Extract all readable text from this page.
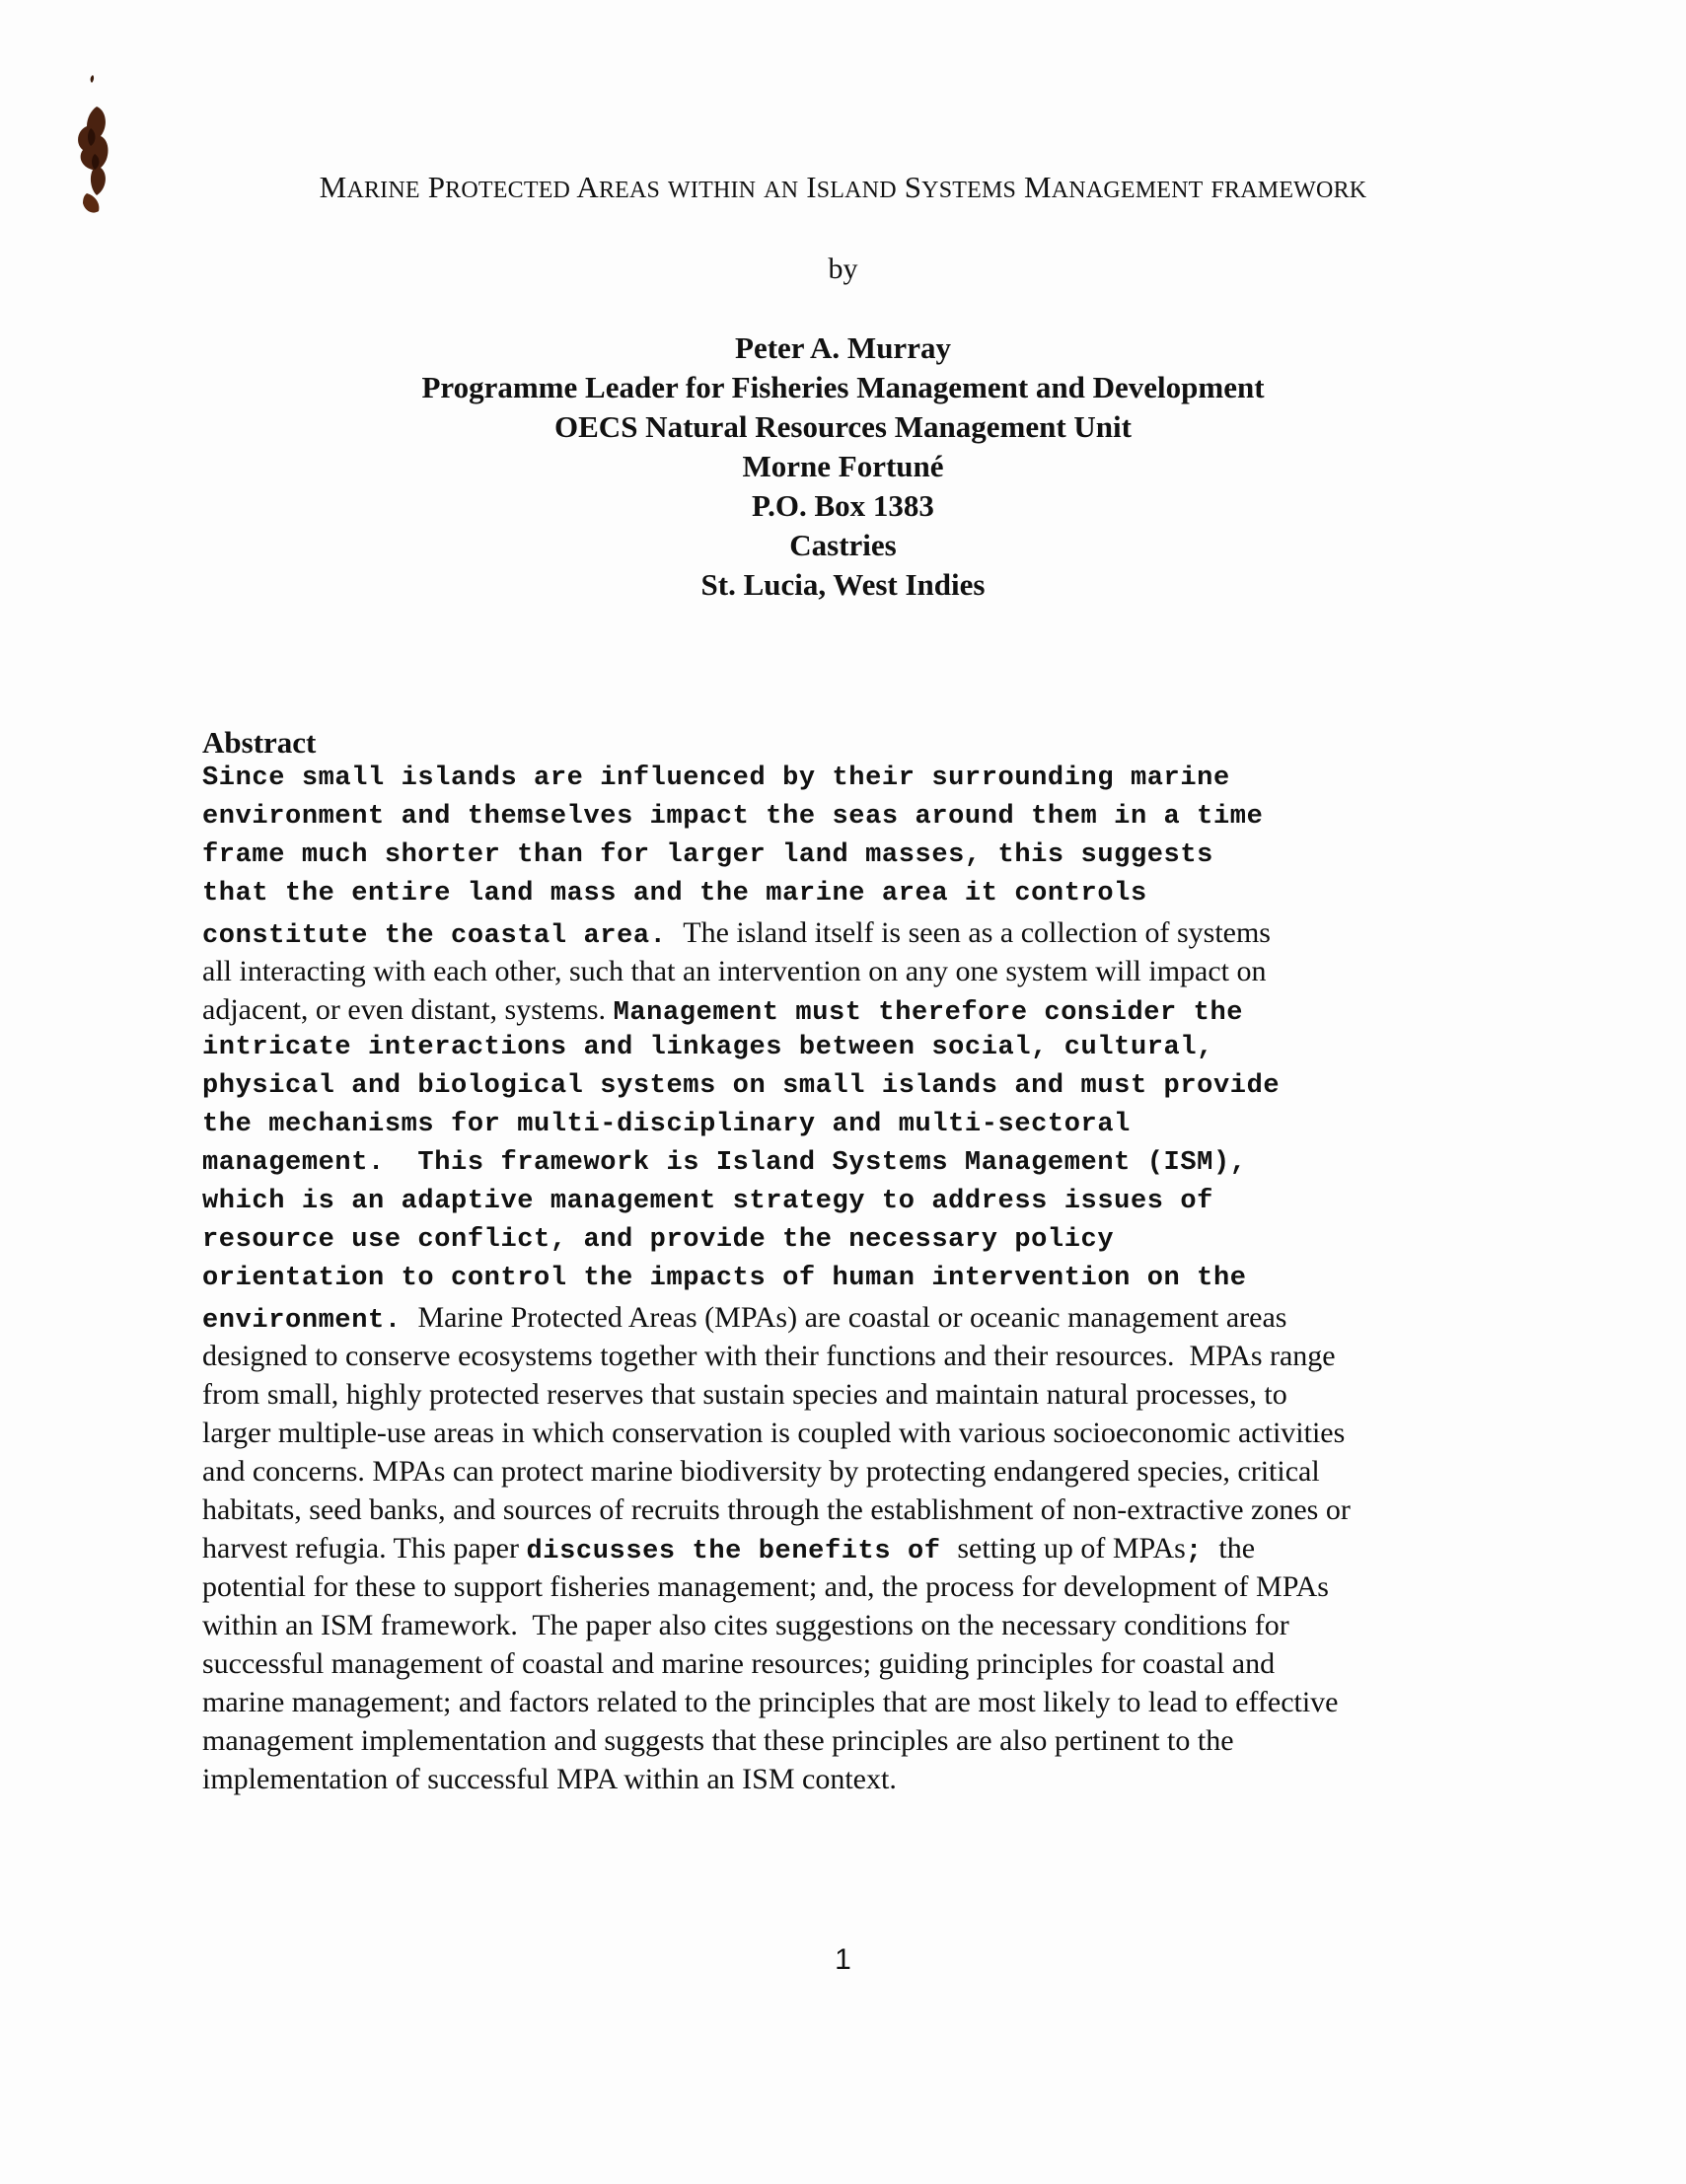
MARINE PROTECTED AREAS WITHIN AN ISLAND SYSTEMS MANAGEMENT FRAMEWORK
by
Peter A. Murray
Programme Leader for Fisheries Management and Development
OECS Natural Resources Management Unit
Morne Fortuné
P.O. Box 1383
Castries
St. Lucia, West Indies
Abstract
Since small islands are influenced by their surrounding marine
environment and themselves impact the seas around them in a time
frame much shorter than for larger land masses, this suggests
that the entire land mass and the marine area it controls
constitute the coastal area. The island itself is seen as a collection of systems
all interacting with each other, such that an intervention on any one system will impact on
adjacent, or even distant, systems. Management must therefore consider the
intricate interactions and linkages between social, cultural,
physical and biological systems on small islands and must provide
the mechanisms for multi-disciplinary and multi-sectoral
management.  This framework is Island Systems Management (ISM),
which is an adaptive management strategy to address issues of
resource use conflict, and provide the necessary policy
orientation to control the impacts of human intervention on the
environment. Marine Protected Areas (MPAs) are coastal or oceanic management areas
designed to conserve ecosystems together with their functions and their resources.  MPAs range
from small, highly protected reserves that sustain species and maintain natural processes, to
larger multiple-use areas in which conservation is coupled with various socioeconomic activities
and concerns. MPAs can protect marine biodiversity by protecting endangered species, critical
habitats, seed banks, and sources of recruits through the establishment of non-extractive zones or
harvest refugia. This paper discusses the benefits of setting up of MPAs; the
potential for these to support fisheries management; and, the process for development of MPAs
within an ISM framework.  The paper also cites suggestions on the necessary conditions for
successful management of coastal and marine resources; guiding principles for coastal and
marine management; and factors related to the principles that are most likely to lead to effective
management implementation and suggests that these principles are also pertinent to the
implementation of successful MPA within an ISM context.
1
